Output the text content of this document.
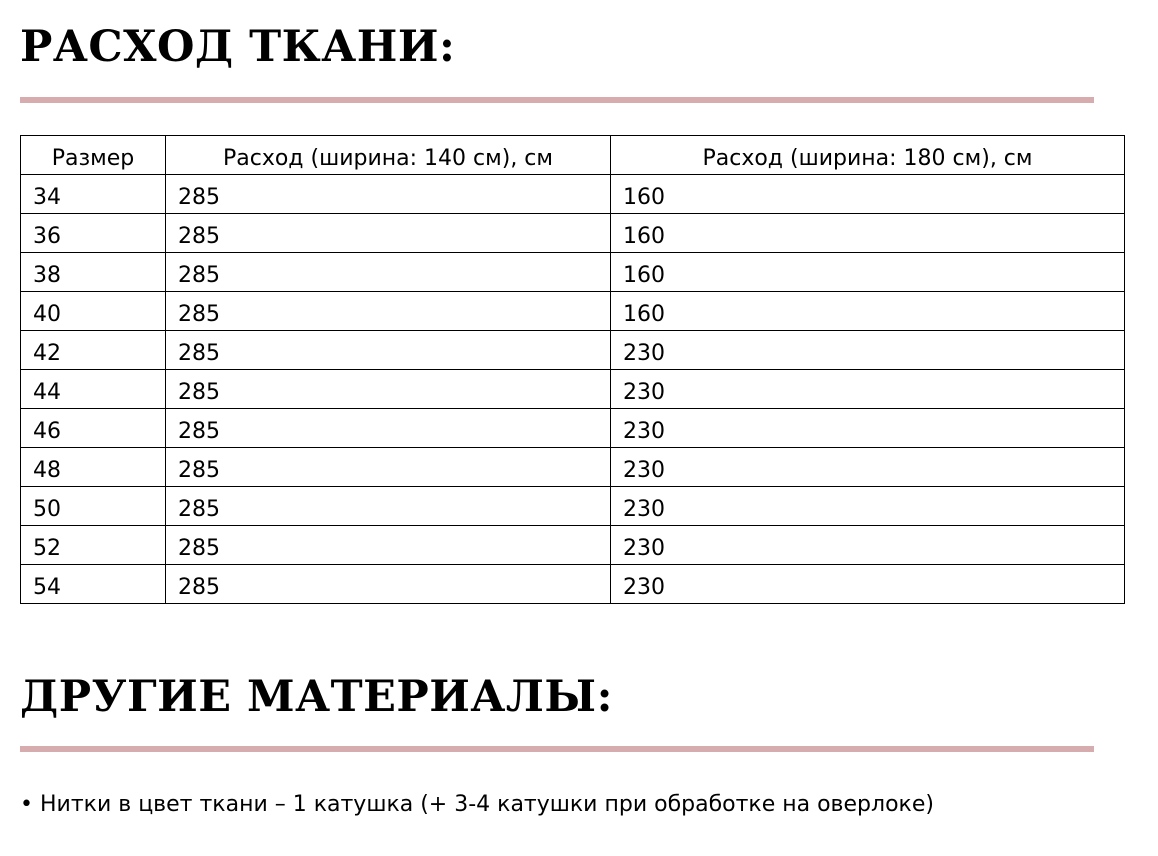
РАСХОД ТКАНИ:
Размер	Расход (ширина: 140 см), см	Расход (ширина: 180 см), см
34	285	160
36	285	160
38	285	160
40	285	160
42	285	230
44	285	230
46	285	230
48	285	230
50	285	230
52	285	230
54	285	230
ДРУГИЕ МАТЕРИАЛЫ:
• Нитки в цвет ткани – 1 катушка (+ 3-4 катушки при обработке на оверлоке)
